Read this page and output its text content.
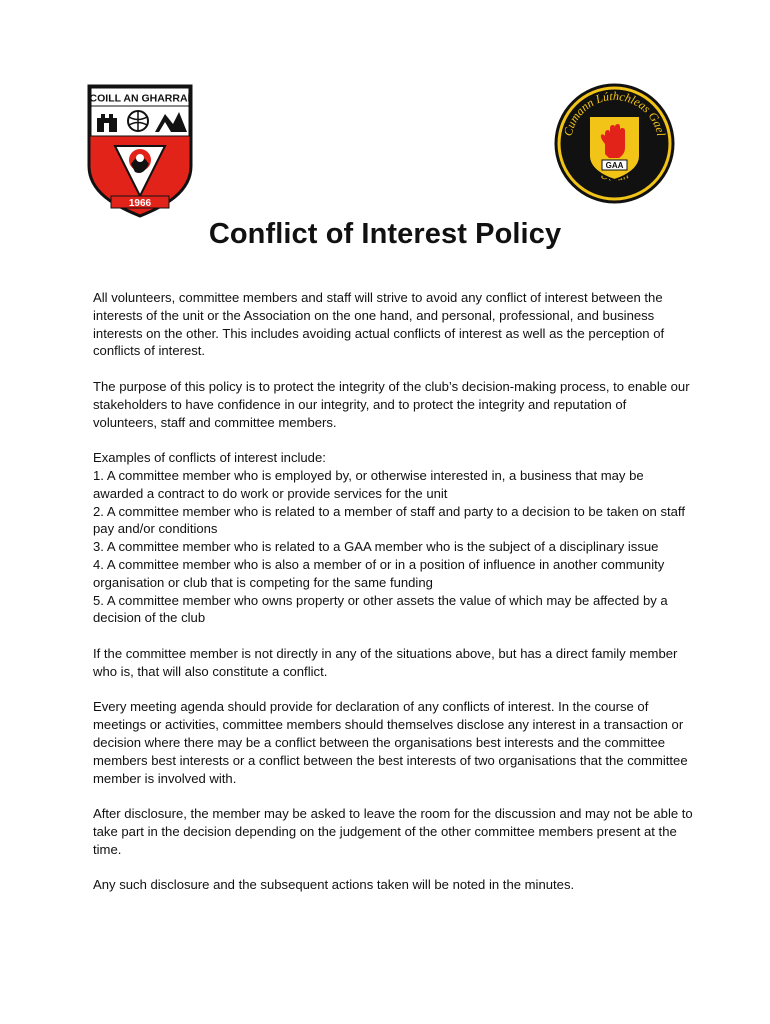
COILL AN GHARRAÍ
1966
Cumann Lúthchleas Gael
GAA
Conflict of Interest Policy

All volunteers, committee members and staff will strive to avoid any conflict of interest between the interests of the unit or the Association on the one hand, and personal, professional, and business interests on the other. This includes avoiding actual conflicts of interest as well as the perception of conflicts of interest.

The purpose of this policy is to protect the integrity of the club’s decision-making process, to enable our stakeholders to have confidence in our integrity, and to protect the integrity and reputation of volunteers, staff and committee members.

Examples of conflicts of interest include:
1. A committee member who is employed by, or otherwise interested in, a business that may be awarded a contract to do work or provide services for the unit
2. A committee member who is related to a member of staff and party to a decision to be taken on staff pay and/or conditions
3. A committee member who is related to a GAA member who is the subject of a disciplinary issue
4. A committee member who is also a member of or in a position of influence in another community organisation or club that is competing for the same funding
5. A committee member who owns property or other assets the value of which may be affected by a decision of the club

If the committee member is not directly in any of the situations above, but has a direct family member who is, that will also constitute a conflict.

Every meeting agenda should provide for declaration of any conflicts of interest. In the course of meetings or activities, committee members should themselves disclose any interest in a transaction or decision where there may be a conflict between the organisations best interests and the committee members best interests or a conflict between the best interests of two organisations that the committee member is involved with.

After disclosure, the member may be asked to leave the room for the discussion and may not be able to take part in the decision depending on the judgement of the other committee members present at the time.

Any such disclosure and the subsequent actions taken will be noted in the minutes.
